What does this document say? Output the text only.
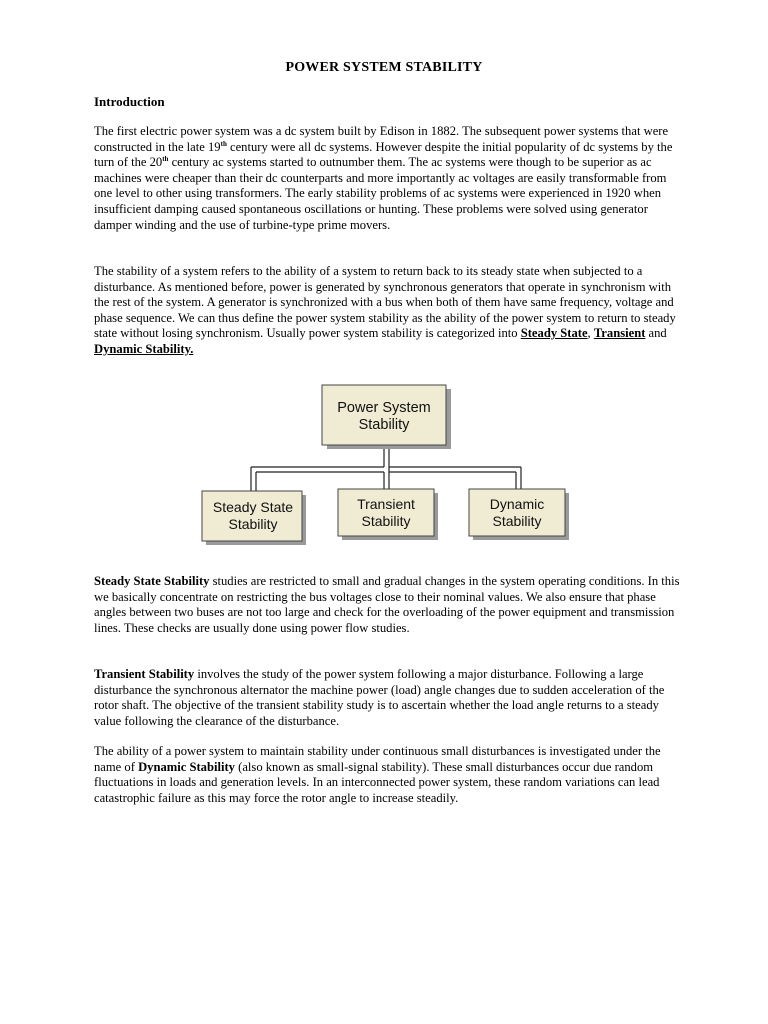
POWER SYSTEM STABILITY
Introduction
The first electric power system was a dc system built by Edison in 1882. The subsequent power systems that were constructed in the late 19th century were all dc systems. However despite the initial popularity of dc systems by the turn of the 20th century ac systems started to outnumber them. The ac systems were though to be superior as ac machines were cheaper than their dc counterparts and more importantly ac voltages are easily transformable from one level to other using transformers. The early stability problems of ac systems were experienced in 1920 when insufficient damping caused spontaneous oscillations or hunting. These problems were solved using generator damper winding and the use of turbine-type prime movers.
The stability of a system refers to the ability of a system to return back to its steady state when subjected to a disturbance. As mentioned before, power is generated by synchronous generators that operate in synchronism with the rest of the system. A generator is synchronized with a bus when both of them have same frequency, voltage and phase sequence. We can thus define the power system stability as the ability of the power system to return to steady state without losing synchronism. Usually power system stability is categorized into Steady State, Transient and Dynamic Stability.
Power System
Stability
Steady State
Stability
Transient
Stability
Dynamic
Stability
Steady State Stability studies are restricted to small and gradual changes in the system operating conditions. In this we basically concentrate on restricting the bus voltages close to their nominal values. We also ensure that phase angles between two buses are not too large and check for the overloading of the power equipment and transmission lines. These checks are usually done using power flow studies.
Transient Stability involves the study of the power system following a major disturbance. Following a large disturbance the synchronous alternator the machine power (load) angle changes due to sudden acceleration of the rotor shaft. The objective of the transient stability study is to ascertain whether the load angle returns to a steady value following the clearance of the disturbance.
The ability of a power system to maintain stability under continuous small disturbances is investigated under the name of Dynamic Stability (also known as small-signal stability). These small disturbances occur due random fluctuations in loads and generation levels. In an interconnected power system, these random variations can lead catastrophic failure as this may force the rotor angle to increase steadily.
